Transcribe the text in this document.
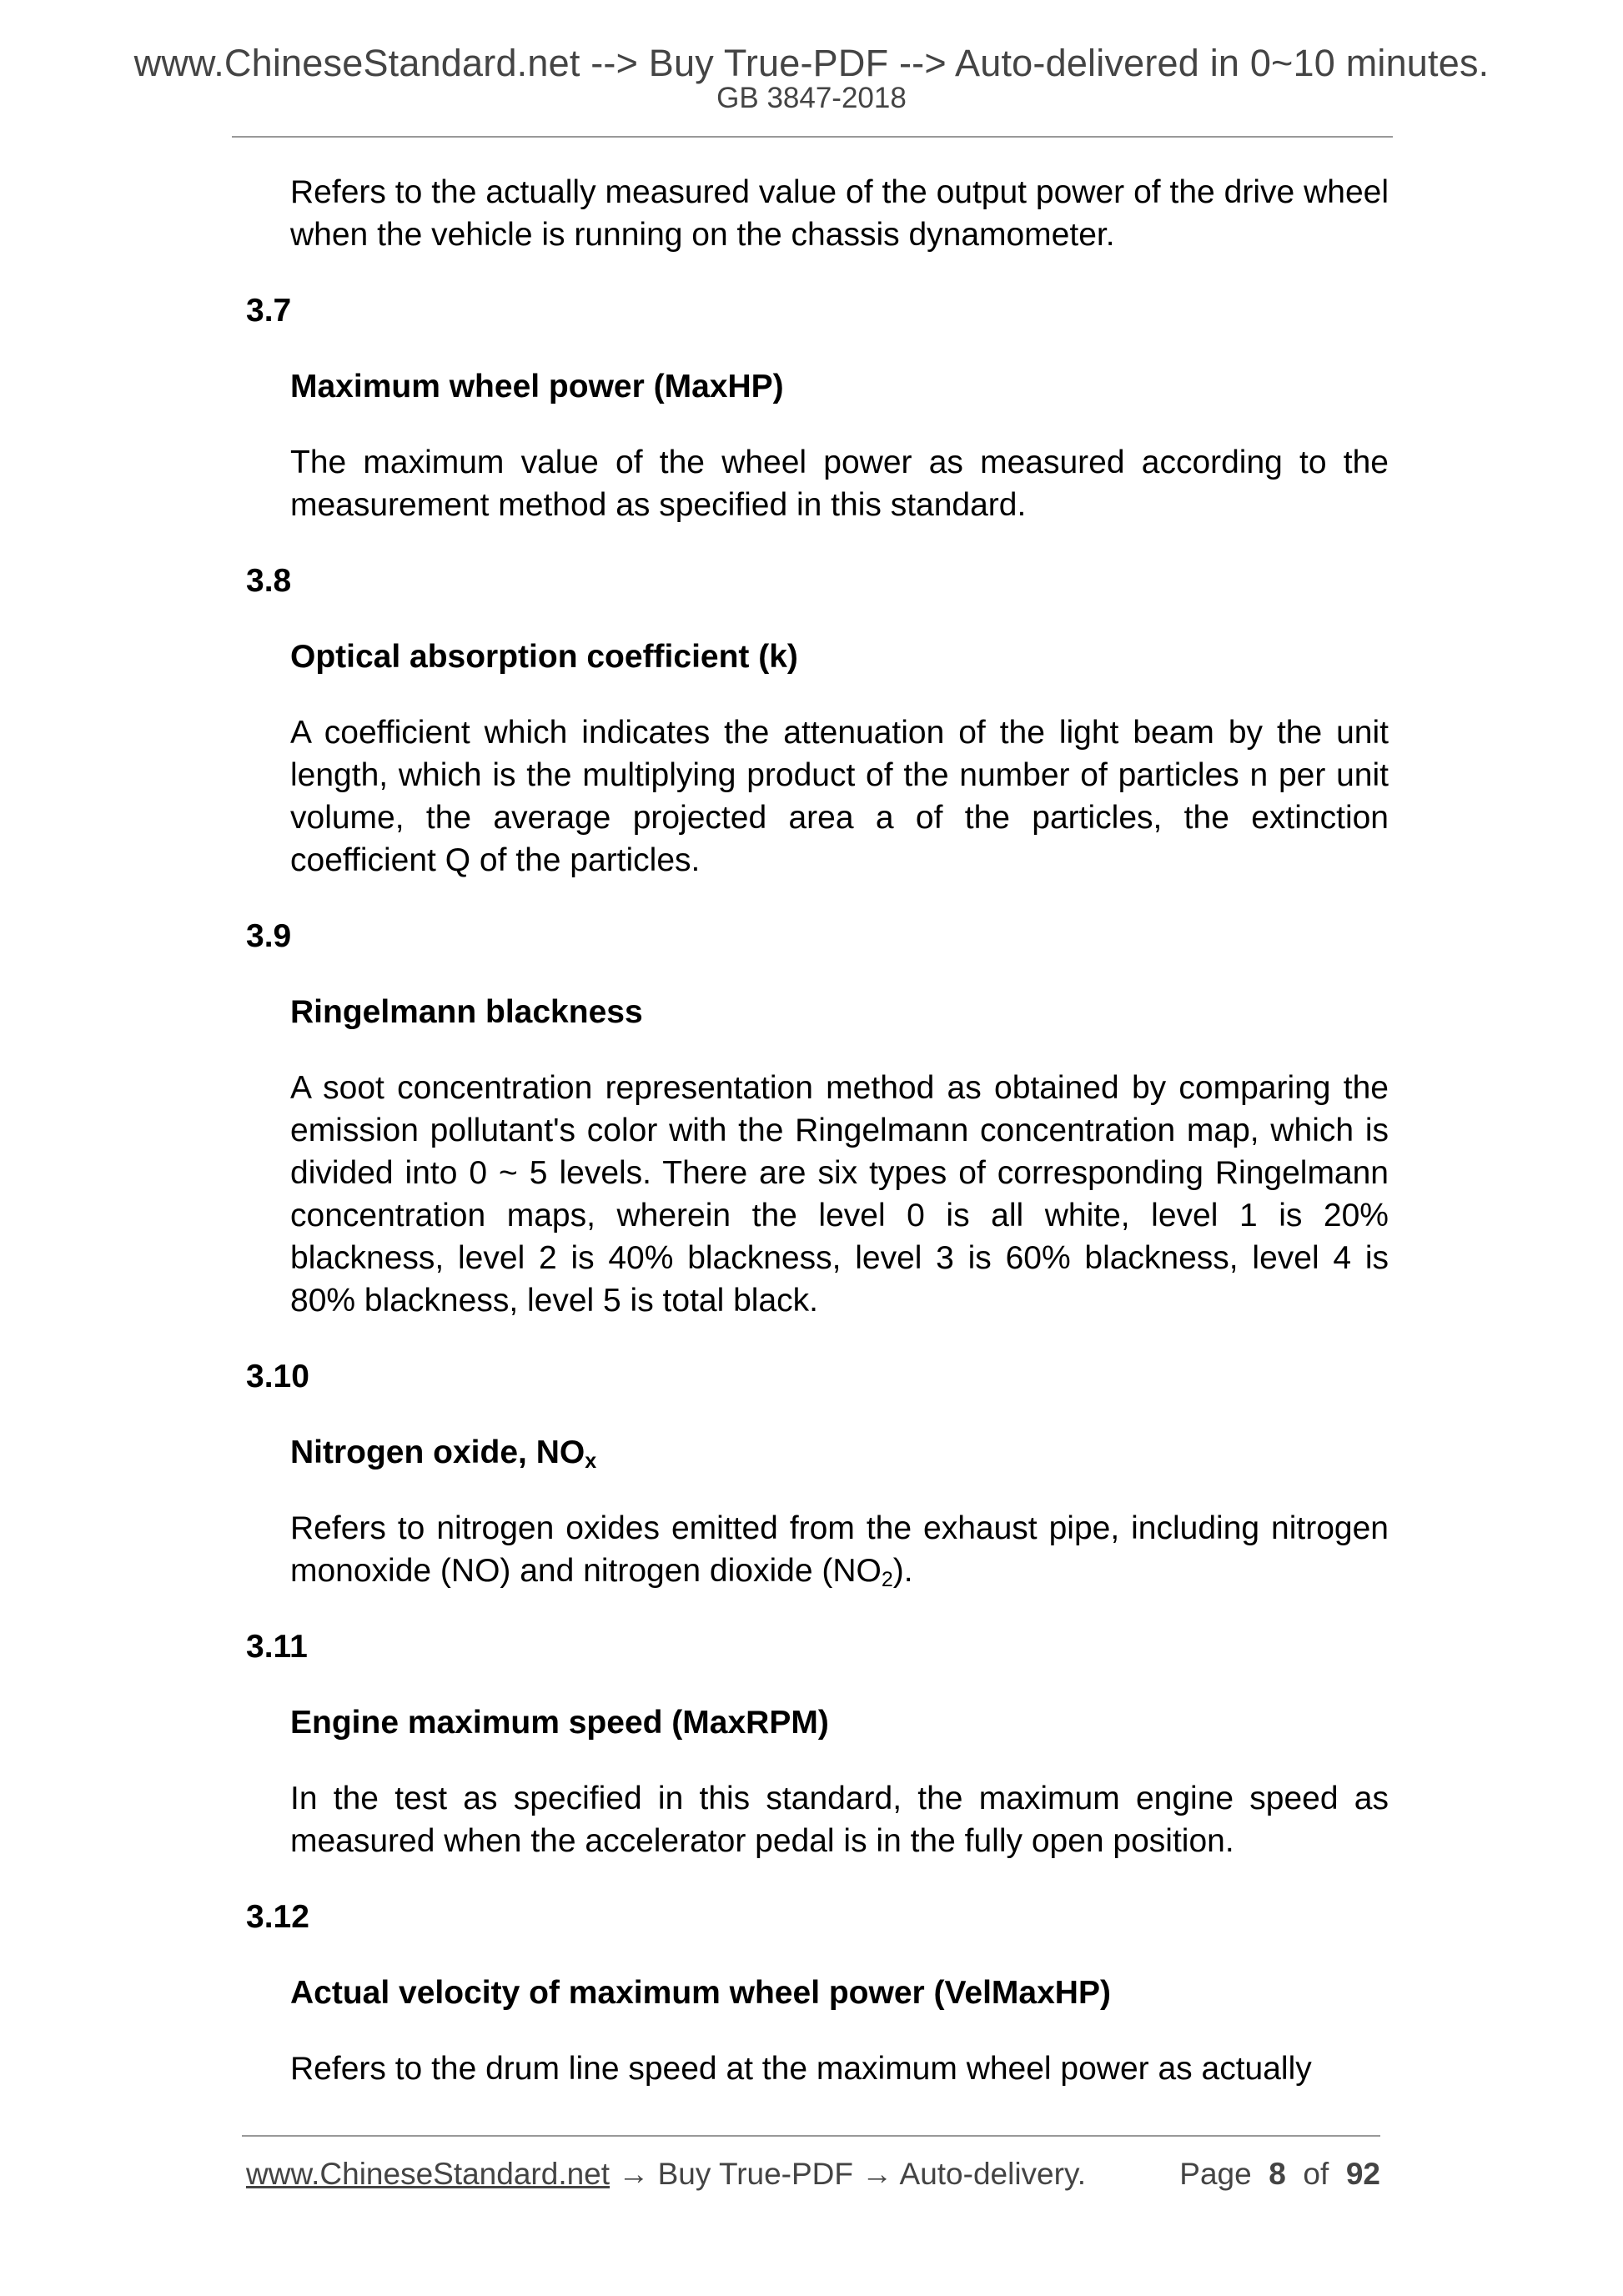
www.ChineseStandard.net --> Buy True-PDF --> Auto-delivered in 0~10 minutes.
GB 3847-2018

Refers to the actually measured value of the output power of the drive wheel when the vehicle is running on the chassis dynamometer.

3.7

Maximum wheel power (MaxHP)

The maximum value of the wheel power as measured according to the measurement method as specified in this standard.

3.8

Optical absorption coefficient (k)

A coefficient which indicates the attenuation of the light beam by the unit length, which is the multiplying product of the number of particles n per unit volume, the average projected area a of the particles, the extinction coefficient Q of the particles.

3.9

Ringelmann blackness

A soot concentration representation method as obtained by comparing the emission pollutant's color with the Ringelmann concentration map, which is divided into 0 ~ 5 levels. There are six types of corresponding Ringelmann concentration maps, wherein the level 0 is all white, level 1 is 20% blackness, level 2 is 40% blackness, level 3 is 60% blackness, level 4 is 80% blackness, level 5 is total black.

3.10

Nitrogen oxide, $NO_x$

Refers to nitrogen oxides emitted from the exhaust pipe, including nitrogen monoxide (NO) and nitrogen dioxide $(NO_2)$.

3.11

Engine maximum speed (MaxRPM)

In the test as specified in this standard, the maximum engine speed as measured when the accelerator pedal is in the fully open position.

3.12

Actual velocity of maximum wheel power (VelMaxHP)

Refers to the drum line speed at the maximum wheel power as actually

www.ChineseStandard.net → Buy True-PDF → Auto-delivery.	Page 8 of 92
